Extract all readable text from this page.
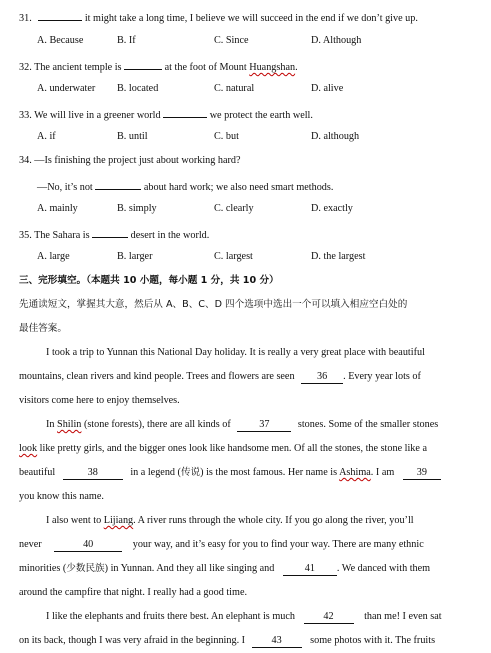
31.	it might take a long time, I believe we will succeed in the end if we don’t give up.
A. Because	B. If	C. Since	D. Although
32. The ancient temple is	at the foot of Mount Huangshan.
A. underwater B. located	C. natural	D. alive
33. We will live in a greener world	we protect the earth well.
A. if	B. until	C. but	D. although
34. —Is finishing the project just about working hard?
—No, it’s not	about hard work; we also need smart methods.
A. mainly	B. simply	C. clearly	D. exactly
35. The Sahara is	desert in the world.
A. large	B. larger	C. largest	D. the largest
三、完形填空。（本题共 10 小题，每小题 1 分，共 10 分）
先通读短文，掌握其大意，然后从 A、B、C、D 四个选项中选出一个可以填入相应空白处的
最佳答案。
I took a trip to Yunnan this National Day holiday. It is really a very great place with beautiful
mountains, clean rivers and kind people. Trees and flowers are seen 36 . Every year lots of
visitors come here to enjoy themselves.
In Shilin (stone forests), there are all kinds of	37	stones. Some of the smaller stones
look like pretty girls, and the bigger ones look like handsome men. Of all the stones, the stone like a
beautiful	38	in a legend (传说) is the most famous. Her name is Ashima. I am 39
you know this name.
I also went to Lijiang. A river runs through the whole city. If you go along the river, you’ll
never	40	your way, and it’s easy for you to find your way. There are many ethnic
minorities (少数民族) in Yunnan. And they all like singing and	41 . We danced with them
around the campfire that night. I really had a good time.
I like the elephants and fruits there best. An elephant is much	42	than me! I even sat
on its back, though I was very afraid in the beginning. I	43	some photos with it. The fruits
